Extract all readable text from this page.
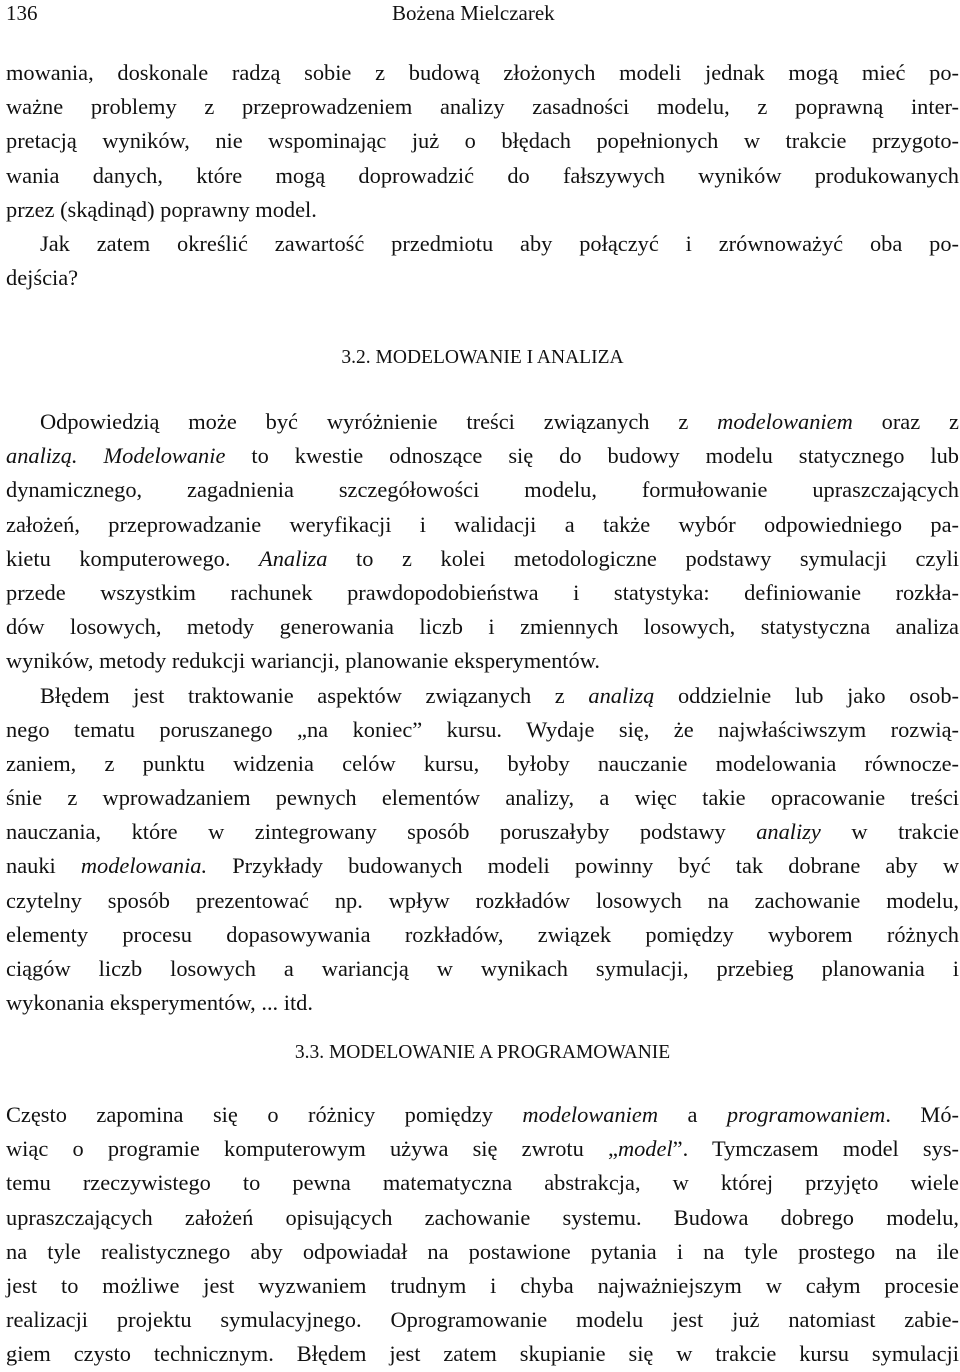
136	Bożena Mielczarek
mowania, doskonale radzą sobie z budową złożonych modeli jednak mogą mieć po-
ważne problemy z przeprowadzeniem analizy zasadności modelu, z poprawną inter-
pretacją wyników, nie wspominając już o błędach popełnionych w trakcie przygoto-
wania danych, które mogą doprowadzić do fałszywych wyników produkowanych
przez (skądinąd) poprawny model.
Jak zatem określić zawartość przedmiotu aby połączyć i zrównoważyć oba po-
dejścia?
3.2. MODELOWANIE I ANALIZA
Odpowiedzią może być wyróżnienie treści związanych z modelowaniem oraz z
analizą. Modelowanie to kwestie odnoszące się do budowy modelu statycznego lub
dynamicznego, zagadnienia szczegółowości modelu, formułowanie upraszczających
założeń, przeprowadzanie weryfikacji i walidacji a także wybór odpowiedniego pa-
kietu komputerowego. Analiza to z kolei metodologiczne podstawy symulacji czyli
przede wszystkim rachunek prawdopodobieństwa i statystyka: definiowanie rozkła-
dów losowych, metody generowania liczb i zmiennych losowych, statystyczna analiza
wyników, metody redukcji wariancji, planowanie eksperymentów.
Błędem jest traktowanie aspektów związanych z analizą oddzielnie lub jako osob-
nego tematu poruszanego „na koniec” kursu. Wydaje się, że najwłaściwszym rozwią-
zaniem, z punktu widzenia celów kursu, byłoby nauczanie modelowania równocze-
śnie z wprowadzaniem pewnych elementów analizy, a więc takie opracowanie treści
nauczania, które w zintegrowany sposób poruszałyby podstawy analizy w trakcie
nauki modelowania. Przykłady budowanych modeli powinny być tak dobrane aby w
czytelny sposób prezentować np. wpływ rozkładów losowych na zachowanie modelu,
elementy procesu dopasowywania rozkładów, związek pomiędzy wyborem różnych
ciągów liczb losowych a wariancją w wynikach symulacji, przebieg planowania i
wykonania eksperymentów, ... itd.
3.3. MODELOWANIE A PROGRAMOWANIE
Często zapomina się o różnicy pomiędzy modelowaniem a programowaniem. Mó-
wiąc o programie komputerowym używa się zwrotu „model”. Tymczasem model sys-
temu rzeczywistego to pewna matematyczna abstrakcja, w której przyjęto wiele
upraszczających założeń opisujących zachowanie systemu. Budowa dobrego modelu,
na tyle realistycznego aby odpowiadał na postawione pytania i na tyle prostego na ile
jest to możliwe jest wyzwaniem trudnym i chyba najważniejszym w całym procesie
realizacji projektu symulacyjnego. Oprogramowanie modelu jest już natomiast zabie-
giem czysto technicznym. Błędem jest zatem skupianie się w trakcie kursu symulacji
